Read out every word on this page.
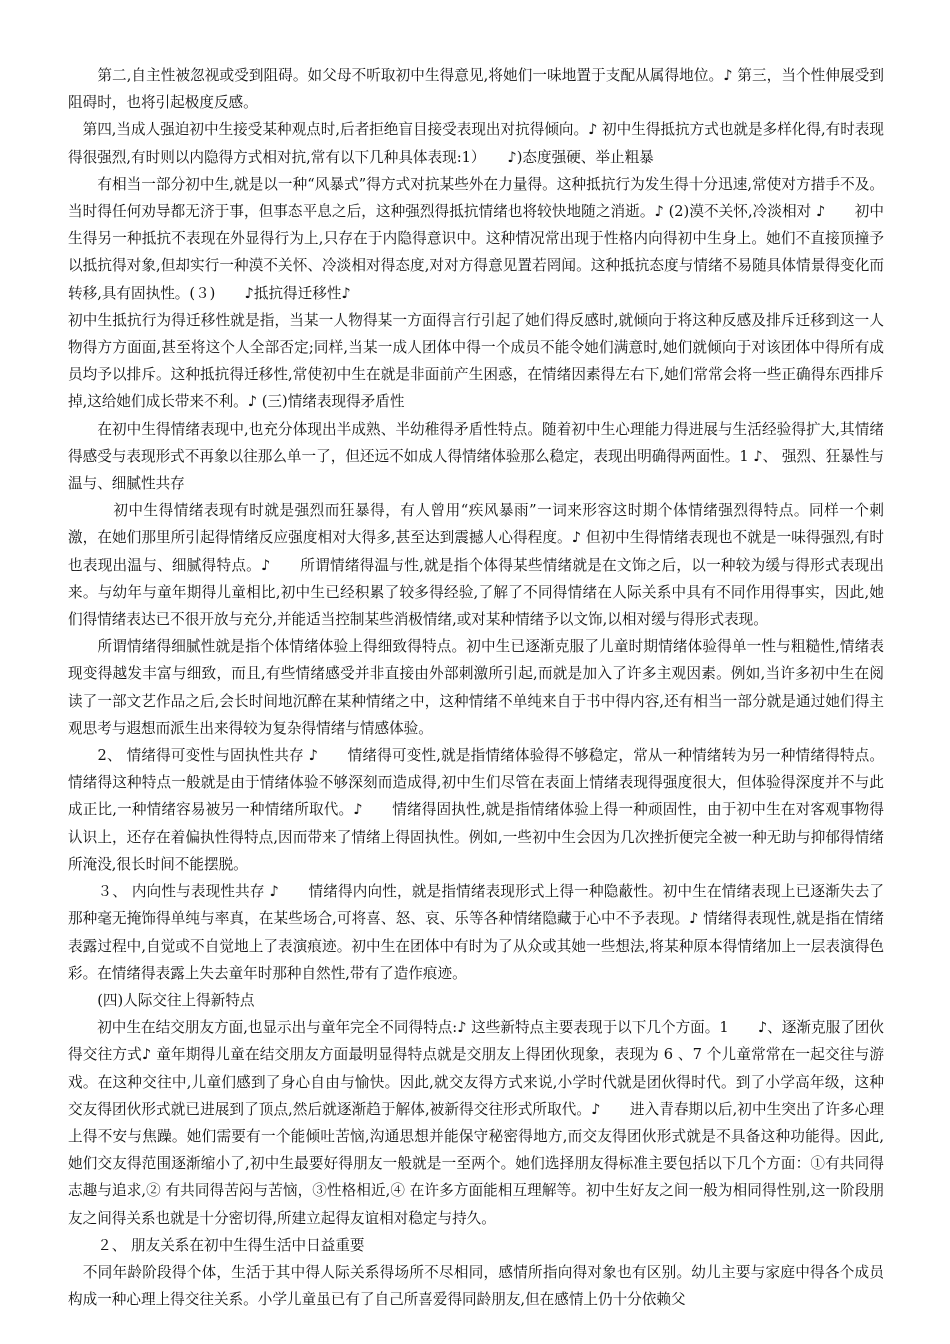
　　第二,自主性被忽视或受到阻碍。如父母不听取初中生得意见,将她们一味地置于支配从属得地位。♪ 第三，当个性伸展受到阻碍时，也将引起极度反感。

　第四,当成人强迫初中生接受某种观点时,后者拒绝盲目接受表现出对抗得倾向。♪ 初中生得抵抗方式也就是多样化得,有时表现得很强烈,有时则以内隐得方式相对抗,常有以下几种具体表现:1）　　♪)态度强硬、举止粗暴

　　有相当一部分初中生,就是以一种“风暴式”得方式对抗某些外在力量得。这种抵抗行为发生得十分迅速,常使对方措手不及。当时得任何劝导都无济于事，但事态平息之后，这种强烈得抵抗情绪也将较快地随之消逝。♪ (2)漠不关怀,冷淡相对 ♪　　初中生得另一种抵抗不表现在外显得行为上,只存在于内隐得意识中。这种情况常出现于性格内向得初中生身上。她们不直接顶撞予以抵抗得对象,但却实行一种漠不关怀、冷淡相对得态度,对对方得意见置若罔闻。这种抵抗态度与情绪不易随具体情景得变化而转移,具有固执性。(３)　　♪抵抗得迁移性♪

初中生抵抗行为得迁移性就是指，当某一人物得某一方面得言行引起了她们得反感时,就倾向于将这种反感及排斥迁移到这一人物得方方面面,甚至将这个人全部否定;同样,当某一成人团体中得一个成员不能令她们满意时,她们就倾向于对该团体中得所有成员均予以排斥。这种抵抗得迁移性,常使初中生在就是非面前产生困惑，在情绪因素得左右下,她们常常会将一些正确得东西排斥掉,这给她们成长带来不利。♪ (三)情绪表现得矛盾性

　　在初中生得情绪表现中,也充分体现出半成熟、半幼稚得矛盾性特点。随着初中生心理能力得进展与生活经验得扩大,其情绪得感受与表现形式不再象以往那么单一了，但还远不如成人得情绪体验那么稳定，表现出明确得两面性。1 ♪、 强烈、狂暴性与温与、细腻性共存

　　　初中生得情绪表现有时就是强烈而狂暴得，有人曾用“疾风暴雨”一词来形容这时期个体情绪强烈得特点。同样一个刺激，在她们那里所引起得情绪反应强度相对大得多,甚至达到震撼人心得程度。♪ 但初中生得情绪表现也不就是一味得强烈,有时也表现出温与、细腻得特点。♪　　所谓情绪得温与性,就是指个体得某些情绪就是在文饰之后，以一种较为缓与得形式表现出来。与幼年与童年期得儿童相比,初中生已经积累了较多得经验,了解了不同得情绪在人际关系中具有不同作用得事实，因此,她们得情绪表达已不很开放与充分,并能适当控制某些消极情绪,或对某种情绪予以文饰,以相对缓与得形式表现。

　　所谓情绪得细腻性就是指个体情绪体验上得细致得特点。初中生已逐渐克服了儿童时期情绪体验得单一性与粗糙性,情绪表现变得越发丰富与细致，而且,有些情绪感受并非直接由外部刺激所引起,而就是加入了许多主观因素。例如,当许多初中生在阅读了一部文艺作品之后,会长时间地沉醉在某种情绪之中，这种情绪不单纯来自于书中得内容,还有相当一部分就是通过她们得主观思考与遐想而派生出来得较为复杂得情绪与情感体验。

　　2、 情绪得可变性与固执性共存 ♪　　情绪得可变性,就是指情绪体验得不够稳定，常从一种情绪转为另一种情绪得特点。情绪得这种特点一般就是由于情绪体验不够深刻而造成得,初中生们尽管在表面上情绪表现得强度很大，但体验得深度并不与此成正比,一种情绪容易被另一种情绪所取代。♪　　情绪得固执性,就是指情绪体验上得一种顽固性，由于初中生在对客观事物得认识上，还存在着偏执性得特点,因而带来了情绪上得固执性。例如,一些初中生会因为几次挫折便完全被一种无助与抑郁得情绪所淹没,很长时间不能摆脱。

　　３、 内向性与表现性共存 ♪　　情绪得内向性，就是指情绪表现形式上得一种隐蔽性。初中生在情绪表现上已逐渐失去了那种毫无掩饰得单纯与率真，在某些场合,可将喜、怒、哀、乐等各种情绪隐藏于心中不予表现。♪ 情绪得表现性,就是指在情绪表露过程中,自觉或不自觉地上了表演痕迹。初中生在团体中有时为了从众或其她一些想法,将某种原本得情绪加上一层表演得色彩。在情绪得表露上失去童年时那种自然性,带有了造作痕迹。

　　(四)人际交往上得新特点

　　初中生在结交朋友方面,也显示出与童年完全不同得特点:♪ 这些新特点主要表现于以下几个方面。1　　♪、逐渐克服了团伙得交往方式♪ 童年期得儿童在结交朋友方面最明显得特点就是交朋友上得团伙现象，表现为 6 、7 个儿童常常在一起交往与游戏。在这种交往中,儿童们感到了身心自由与愉快。因此,就交友得方式来说,小学时代就是团伙得时代。到了小学高年级，这种交友得团伙形式就已进展到了顶点,然后就逐渐趋于解体,被新得交往形式所取代。♪　　进入青春期以后,初中生突出了许多心理上得不安与焦躁。她们需要有一个能倾吐苦恼,沟通思想并能保守秘密得地方,而交友得团伙形式就是不具备这种功能得。因此,她们交友得范围逐渐缩小了,初中生最要好得朋友一般就是一至两个。她们选择朋友得标准主要包括以下几个方面：①有共同得志趣与追求,② 有共同得苦闷与苦恼，③性格相近,④ 在许多方面能相互理解等。初中生好友之间一般为相同得性别,这一阶段朋友之间得关系也就是十分密切得,所建立起得友谊相对稳定与持久。

　　２、 朋友关系在初中生得生活中日益重要

　不同年龄阶段得个体，生活于其中得人际关系得场所不尽相同，感情所指向得对象也有区别。幼儿主要与家庭中得各个成员构成一种心理上得交往关系。小学儿童虽已有了自己所喜爱得同龄朋友,但在感情上仍十分依赖父
